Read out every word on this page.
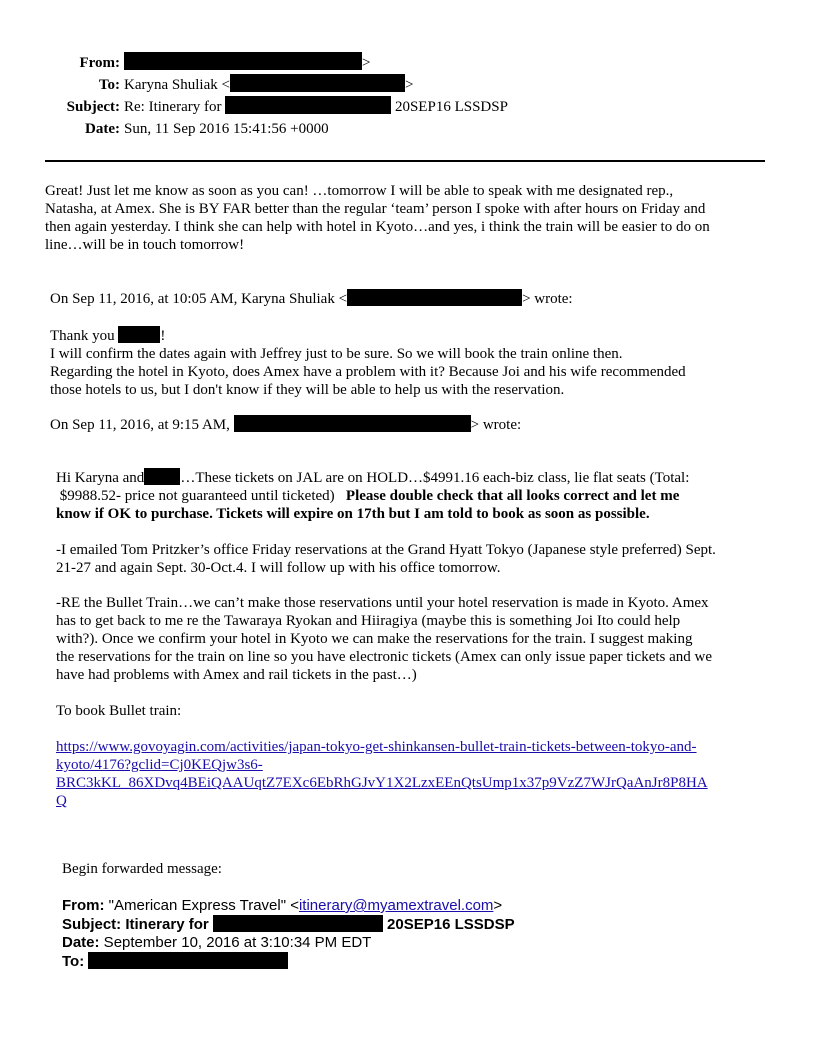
From:	>
To: Karyna Shuliak <	>
Subject: Re: Itinerary for	20SEP16 LSSDSP
Date: Sun, 11 Sep 2016 15:41:56 +0000
Great! Just let me know as soon as you can! …tomorrow I will be able to speak with me designated rep.,
Natasha, at Amex. She is BY FAR better than the regular ‘team’ person I spoke with after hours on Friday and
then again yesterday. I think she can help with hotel in Kyoto…and yes, i think the train will be easier to do on
line…will be in touch tomorrow!
On Sep 11, 2016, at 10:05 AM, Karyna Shuliak <	> wrote:
Thank you	!
I will confirm the dates again with Jeffrey just to be sure. So we will book the train online then.
Regarding the hotel in Kyoto, does Amex have a problem with it? Because Joi and his wife recommended
those hotels to us, but I don't know if they will be able to help us with the reservation.
On Sep 11, 2016, at 9:15 AM,	> wrote:
Hi Karyna and …These tickets on JAL are on HOLD…$4991.16 each-biz class, lie flat seats (Total:
$9988.52- price not guaranteed until ticketed)   Please double check that all looks correct and let me
know if OK to purchase. Tickets will expire on 17th but I am told to book as soon as possible.
-I emailed Tom Pritzker’s office Friday reservations at the Grand Hyatt Tokyo (Japanese style preferred) Sept.
21-27 and again Sept. 30-Oct.4. I will follow up with his office tomorrow.
-RE the Bullet Train…we can’t make those reservations until your hotel reservation is made in Kyoto. Amex
has to get back to me re the Tawaraya Ryokan and Hiiragiya (maybe this is something Joi Ito could help
with?). Once we confirm your hotel in Kyoto we can make the reservations for the train. I suggest making
the reservations for the train on line so you have electronic tickets (Amex can only issue paper tickets and we
have had problems with Amex and rail tickets in the past…)
To book Bullet train:
https://www.govoyagin.com/activities/japan-tokyo-get-shinkansen-bullet-train-tickets-between-tokyo-and-
kyoto/4176?gclid=Cj0KEQjw3s6-
BRC3kKL_86XDvq4BEiQAAUqtZ7EXc6EbRhGJvY1X2LzxEEnQtsUmp1x37p9VzZ7WJrQaAnJr8P8HA
Q
Begin forwarded message:
From: "American Express Travel" <itinerary@myamextravel.com>
Subject: Itinerary for	20SEP16 LSSDSP
Date: September 10, 2016 at 3:10:34 PM EDT
To:
